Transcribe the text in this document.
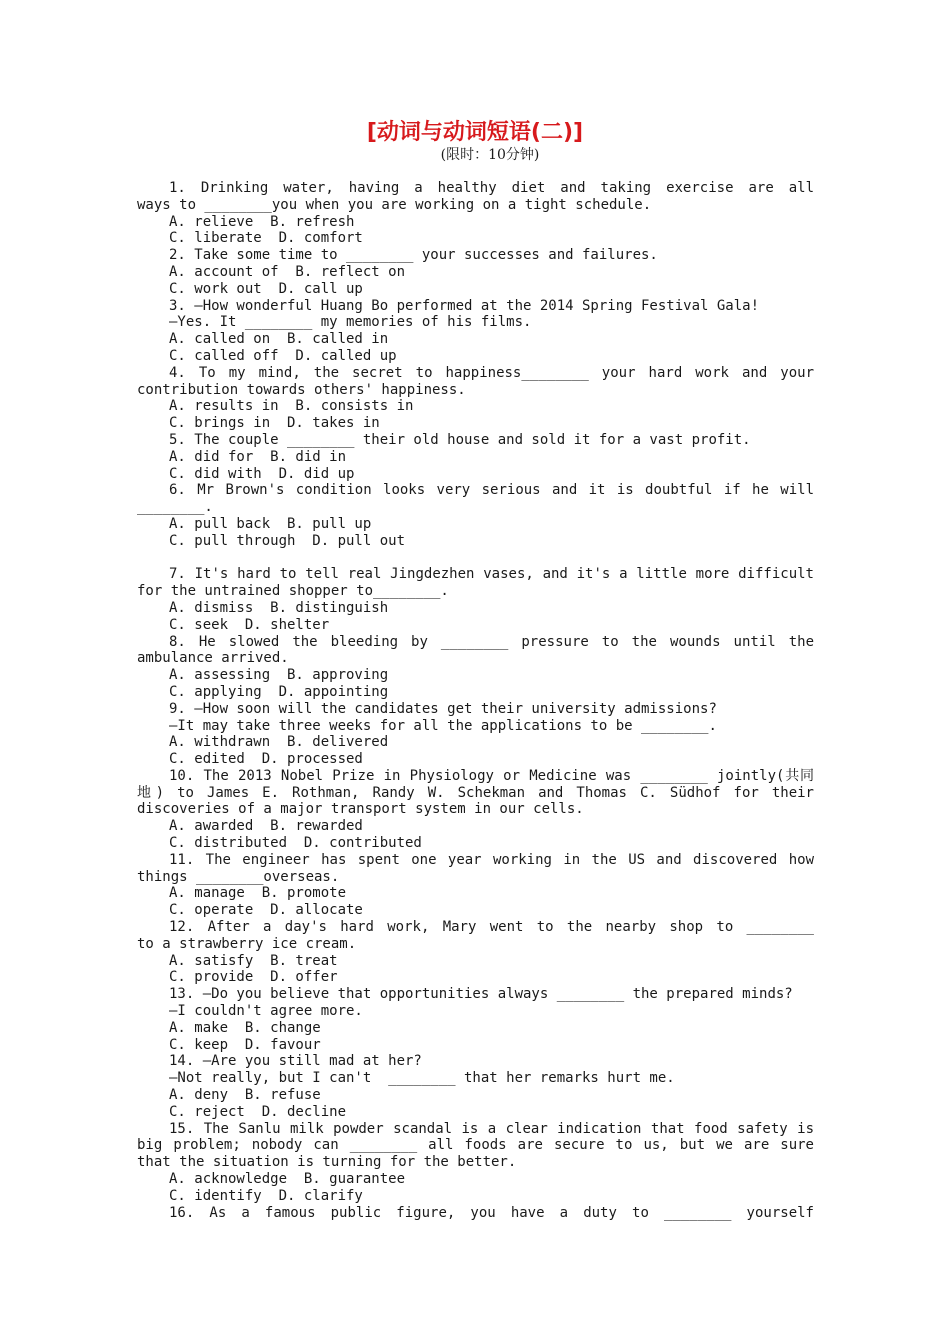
[动词与动词短语(二)]
(限时：10分钟)
1. Drinking water, having a healthy diet and taking exercise are all
ways to ________you when you are working on a tight schedule.
A. relieve  B. refresh
C. liberate  D. comfort
2. Take some time to ________ your successes and failures.
A. account of  B. reflect on
C. work out  D. call up
3. —How wonderful Huang Bo performed at the 2014 Spring Festival Gala!
—Yes. It ________ my memories of his films.
A. called on  B. called in
C. called off  D. called up
4. To my mind, the secret to happiness________ your hard work and your
contribution towards others' happiness.
A. results in  B. consists in
C. brings in  D. takes in
5. The couple ________ their old house and sold it for a vast profit.
A. did for  B. did in
C. did with  D. did up
6. Mr Brown's condition looks very serious and it is doubtful if he will
________.
A. pull back  B. pull up
C. pull through  D. pull out
7. It's hard to tell real Jingdezhen vases, and it's a little more difficult
for the untrained shopper to________.
A. dismiss  B. distinguish
C. seek  D. shelter
8. He slowed the bleeding by ________ pressure to the wounds until the
ambulance arrived.
A. assessing  B. approving
C. applying  D. appointing
9. —How soon will the candidates get their university admissions?
—It may take three weeks for all the applications to be ________.
A. withdrawn  B. delivered
C. edited  D. processed
10. The 2013 Nobel Prize in Physiology or Medicine was ________ jointly(共同
地) to James E. Rothman, Randy W. Schekman and Thomas C. Südhof for their
discoveries of a major transport system in our cells.
A. awarded  B. rewarded
C. distributed  D. contributed
11. The engineer has spent one year working in the US and discovered how
things ________overseas.
A. manage  B. promote
C. operate  D. allocate
12. After a day's hard work, Mary went to the nearby shop to ________
to a strawberry ice cream.
A. satisfy  B. treat
C. provide  D. offer
13. —Do you believe that opportunities always ________ the prepared minds?
—I couldn't agree more.
A. make  B. change
C. keep  D. favour
14. —Are you still mad at her?
—Not really, but I can't  ________ that her remarks hurt me.
A. deny  B. refuse
C. reject  D. decline
15. The Sanlu milk powder scandal is a clear indication that food safety is
big problem; nobody can ________ all foods are secure to us, but we are sure
that the situation is turning for the better.
A. acknowledge  B. guarantee
C. identify  D. clarify
16. As a famous public figure, you have a duty to ________ yourself
